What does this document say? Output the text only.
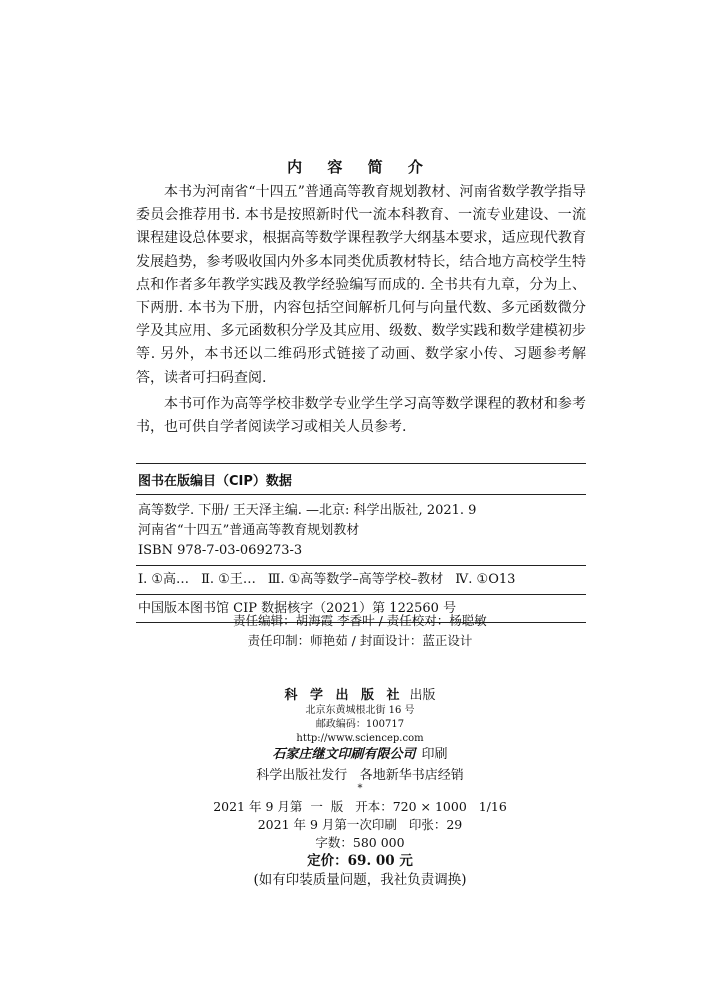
内 容 简 介

本书为河南省“十四五”普通高等教育规划教材、河南省数学教学指导委员会推荐用书. 本书是按照新时代一流本科教育、一流专业建设、一流课程建设总体要求，根据高等数学课程教学大纲基本要求，适应现代教育发展趋势，参考吸收国内外多本同类优质教材特长，结合地方高校学生特点和作者多年教学实践及教学经验编写而成的. 全书共有九章，分为上、下两册. 本书为下册，内容包括空间解析几何与向量代数、多元函数微分学及其应用、多元函数积分学及其应用、级数、数学实践和数学建模初步等. 另外，本书还以二维码形式链接了动画、数学家小传、习题参考解答，读者可扫码查阅.

本书可作为高等学校非数学专业学生学习高等数学课程的教材和参考书，也可供自学者阅读学习或相关人员参考.

图书在版编目（CIP）数据
高等数学. 下册/ 王天泽主编. —北京: 科学出版社, 2021. 9
河南省“十四五”普通高等教育规划教材
ISBN 978-7-03-069273-3
Ⅰ. ①高… Ⅱ. ①王… Ⅲ. ①高等数学–高等学校–教材 Ⅳ. ①O13
中国版本图书馆 CIP 数据核字（2021）第 122560 号
责任编辑：胡海霞 李香叶 / 责任校对：杨聪敏
责任印制：师艳茹 / 封面设计：蓝正设计
科 学 出 版 社 出版
北京东黄城根北街 16 号
邮政编码：100717
http://www.sciencep.com
石家庄继文印刷有限公司 印刷
科学出版社发行   各地新华书店经销
*
2021 年 9 月第  一  版   开本：720 × 1000   1/16
2021 年 9 月第一次印刷   印张：29
字数：580 000
定价：69. 00 元
(如有印装质量问题，我社负责调换)
